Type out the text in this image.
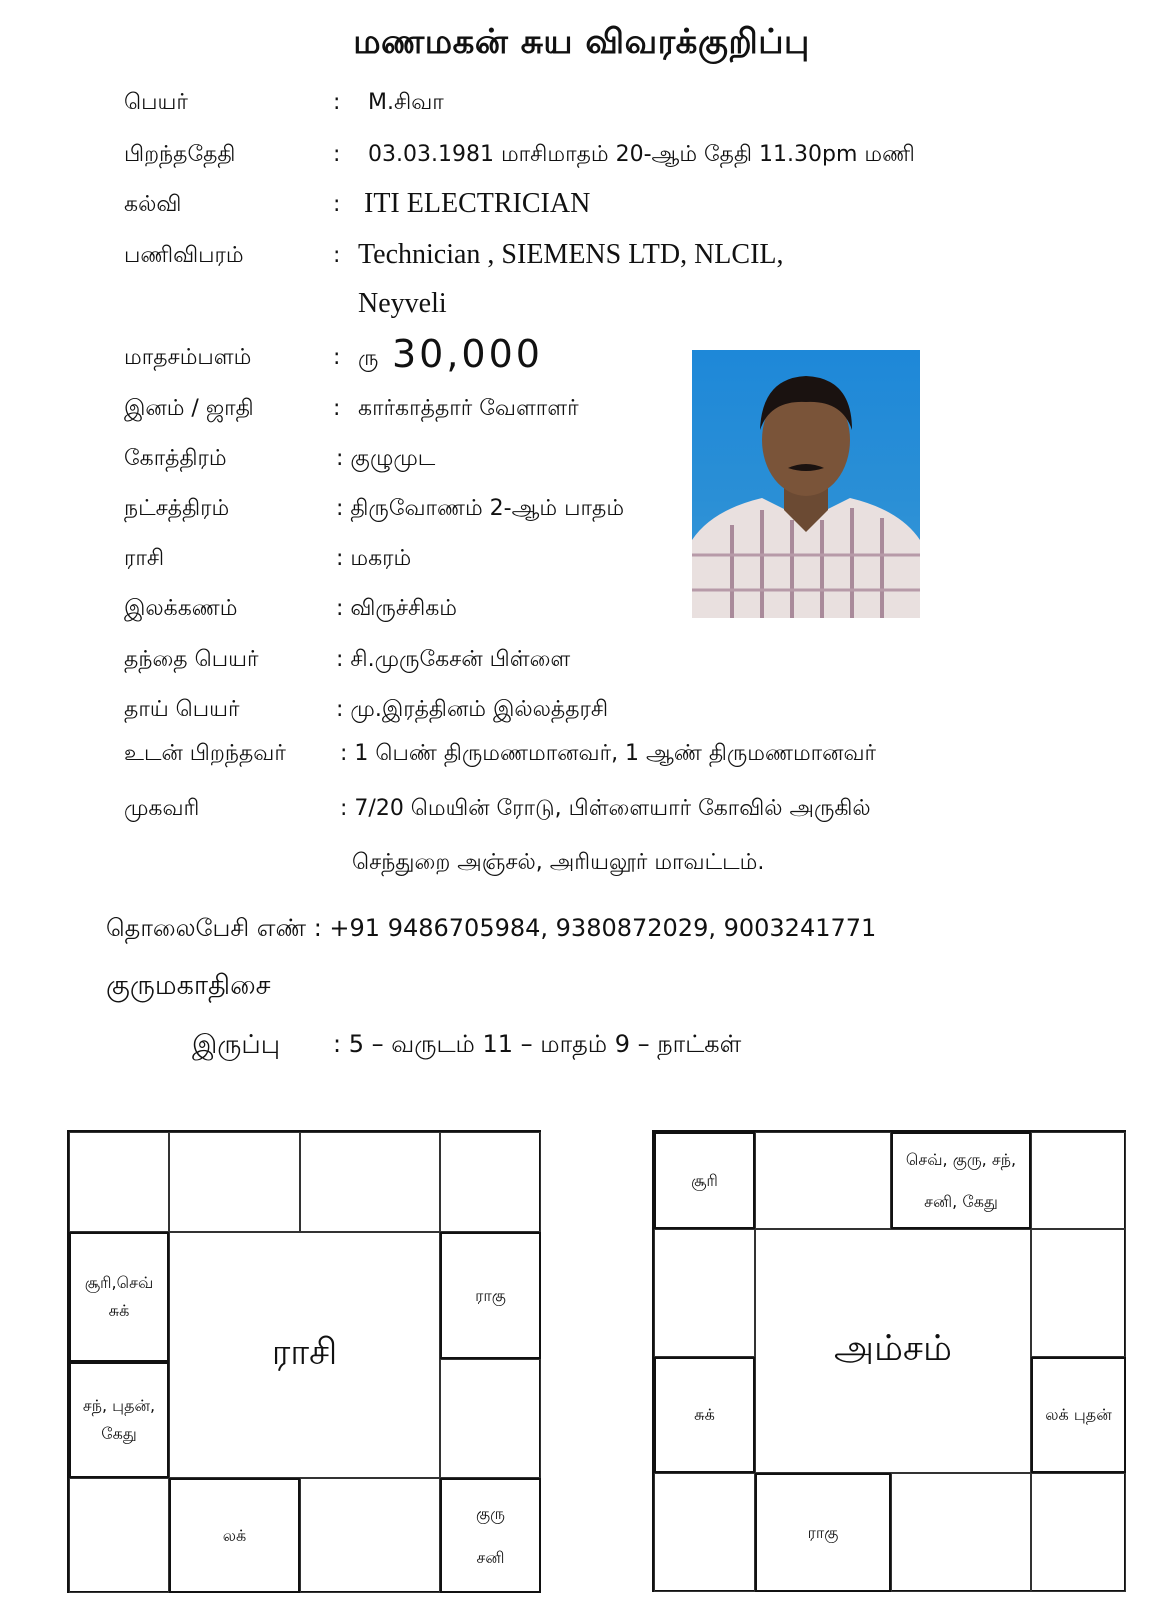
மணமகன் சுய விவரக்குறிப்பு
பெயர்	: M.சிவா
பிறந்ததேதி	: 03.03.1981 மாசிமாதம் 20-ஆம் தேதி 11.30pm மணி
கல்வி	: ITI ELECTRICIAN
பணிவிபரம்	: Technician , SIEMENS LTD, NLCIL,
Neyveli
மாதசம்பளம்	: ரு 30,000
இனம் / ஜாதி	: கார்காத்தார் வேளாளர்
கோத்திரம்	: குழுமுட
நட்சத்திரம்	: திருவோணம் 2-ஆம் பாதம்
ராசி	: மகரம்
இலக்கணம்	: விருச்சிகம்
தந்தை பெயர்	: சி.முருகேசன் பிள்ளை
தாய் பெயர்	: மு.இரத்தினம் இல்லத்தரசி
உடன் பிறந்தவர் : 1 பெண் திருமணமானவர், 1 ஆண் திருமணமானவர்
முகவரி	: 7/20 மெயின் ரோடு, பிள்ளையார் கோவில் அருகில்
செந்துறை அஞ்சல், அரியலூர் மாவட்டம்.
தொலைபேசி எண் : +91 9486705984, 9380872029, 9003241771
குருமகாதிசை
இருப்பு : 5 – வருடம் 11 – மாதம் 9 – நாட்கள்
சூரி,செவ்
சுக்
சந், புதன்,
கேது
ராசி
ராகு
லக்
குரு
சனி
சூரி
செவ், குரு, சந்,
சனி, கேது
சுக்
அம்சம்
லக் புதன்
ராகு
